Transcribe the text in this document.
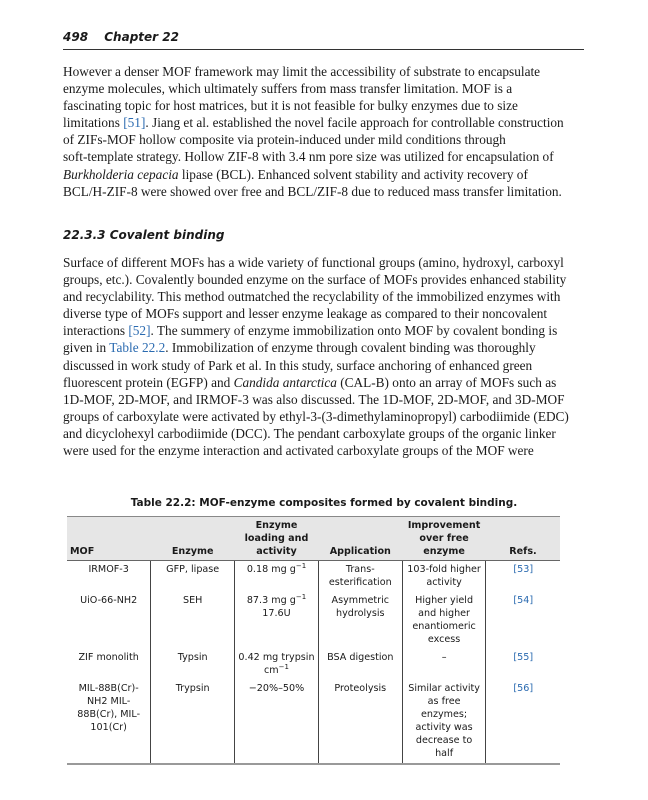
498 Chapter 22
However a denser MOF framework may limit the accessibility of substrate to encapsulate
enzyme molecules, which ultimately suffers from mass transfer limitation. MOF is a
fascinating topic for host matrices, but it is not feasible for bulky enzymes due to size
limitations [51]. Jiang et al. established the novel facile approach for controllable construction
of ZIFs-MOF hollow composite via protein-induced under mild conditions through
soft-template strategy. Hollow ZIF-8 with 3.4 nm pore size was utilized for encapsulation of
Burkholderia cepacia lipase (BCL). Enhanced solvent stability and activity recovery of
BCL/H-ZIF-8 were showed over free and BCL/ZIF-8 due to reduced mass transfer limitation.
22.3.3 Covalent binding
Surface of different MOFs has a wide variety of functional groups (amino, hydroxyl, carboxyl
groups, etc.). Covalently bounded enzyme on the surface of MOFs provides enhanced stability
and recyclability. This method outmatched the recyclability of the immobilized enzymes with
diverse type of MOFs support and lesser enzyme leakage as compared to their noncovalent
interactions [52]. The summery of enzyme immobilization onto MOF by covalent bonding is
given in Table 22.2. Immobilization of enzyme through covalent binding was thoroughly
discussed in work study of Park et al. In this study, surface anchoring of enhanced green
fluorescent protein (EGFP) and Candida antarctica (CAL-B) onto an array of MOFs such as
1D-MOF, 2D-MOF, and IRMOF-3 was also discussed. The 1D-MOF, 2D-MOF, and 3D-MOF
groups of carboxylate were activated by ethyl-3-(3-dimethylaminopropyl) carbodiimide (EDC)
and dicyclohexyl carbodiimide (DCC). The pendant carboxylate groups of the organic linker
were used for the enzyme interaction and activated carboxylate groups of the MOF were
Table 22.2: MOF-enzyme composites formed by covalent binding.
MOF	Enzyme	Enzyme loading and activity	Application	Improvement over free enzyme	Refs.
IRMOF-3	GFP, lipase	0.18 mg $g^{-1}$	Trans-esterification	103-fold higher activity	[53]
UiO-66-NH2	SEH	87.3 mg $g^{-1}$
17.6U	Asymmetric hydrolysis	Higher yield and higher enantiomeric excess	[54]
ZIF monolith	Typsin	0.42 mg trypsin $cm^{-1}$	BSA digestion	–	[55]
MIL-88B(Cr)-NH2 MIL-88B(Cr), MIL-101(Cr)	Trypsin	−20%–50%	Proteolysis	Similar activity as free enzymes; activity was decrease to half	[56]
